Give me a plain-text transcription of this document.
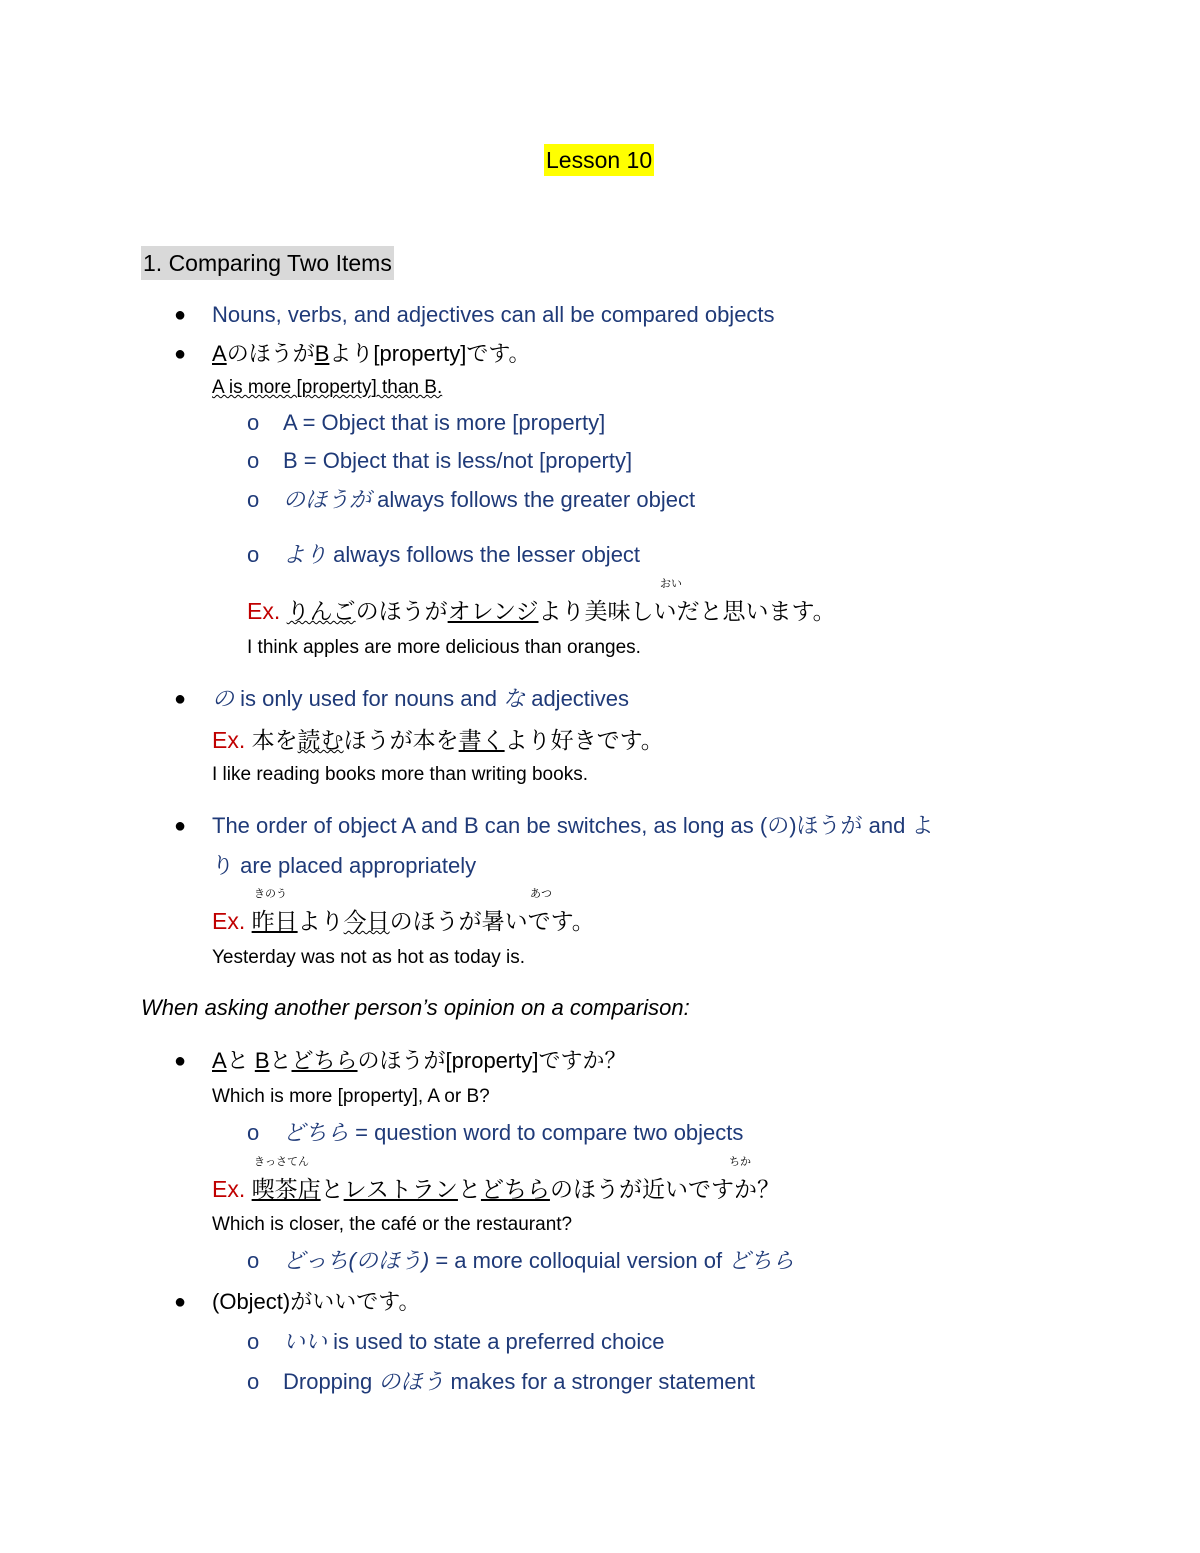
Lesson 10
1. Comparing Two Items
● Nouns, verbs, and adjectives can all be compared objects
● AのほうがBより[property]です。
A is more [property] than B.
o A = Object that is more [property]
o B = Object that is less/not [property]
o のほうが always follows the greater object
o より always follows the lesser object
おい
Ex. りんごのほうがオレンジより美味しいだと思います。
I think apples are more delicious than oranges.
● の is only used for nouns and な adjectives
Ex. 本を読むほうが本を書くより好きです。
I like reading books more than writing books.
● The order of object A and B can be switches, as long as (の)ほうが and よ
り are placed appropriately
きのう	あつ
Ex. 昨日より今日のほうが暑いです。
Yesterday was not as hot as today is.
When asking another person’s opinion on a comparison:
● Aと Bとどちらのほうが[property]ですか？
Which is more [property], A or B?
o どちら = question word to compare two objects
きっさてん	ちか
Ex. 喫茶店とレストランとどちらのほうが近いですか？
Which is closer, the café or the restaurant?
o どっち(のほう) = a more colloquial version of どちら
● (Object)がいいです。
o いい is used to state a preferred choice
o Dropping のほう makes for a stronger statement
